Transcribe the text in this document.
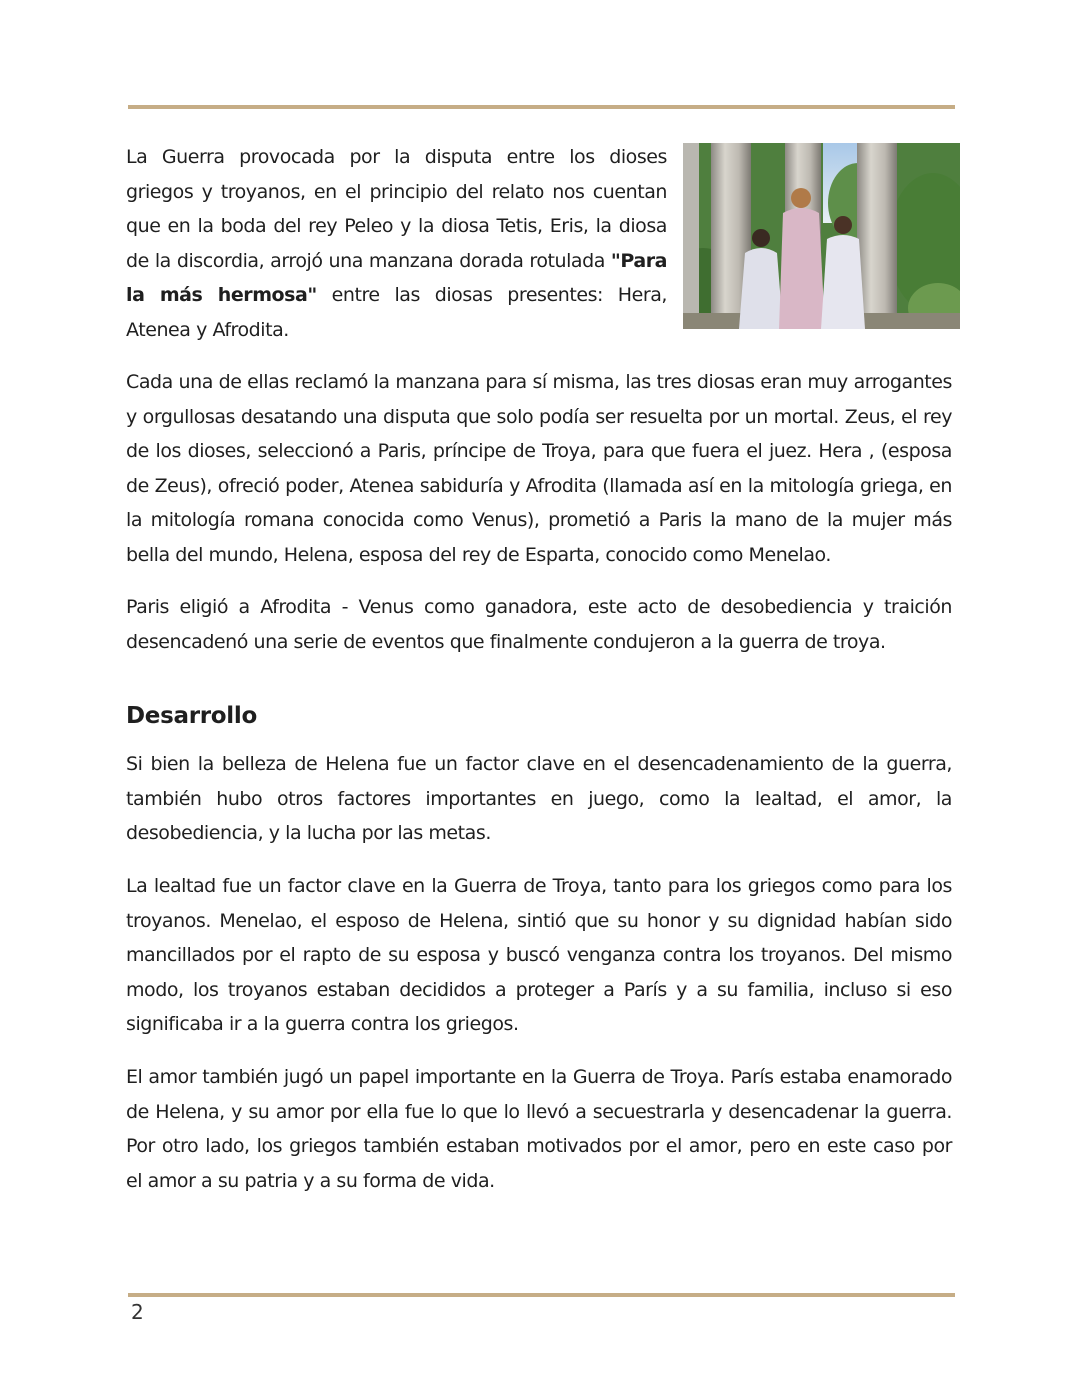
La Guerra provocada por la disputa entre los dioses griegos y troyanos, en el principio del relato nos cuentan que en la boda del rey Peleo y la diosa Tetis, Eris, la diosa de la discordia, arrojó una manzana dorada rotulada "Para la más hermosa" entre las diosas presentes: Hera, Atenea y Afrodita.

Cada una de ellas reclamó la manzana para sí misma, las tres diosas eran muy arrogantes y orgullosas desatando una disputa que solo podía ser resuelta por un mortal. Zeus, el rey de los dioses, seleccionó a Paris, príncipe de Troya, para que fuera el juez. Hera , (esposa de Zeus), ofreció poder, Atenea sabiduría y Afrodita (llamada así en la mitología griega, en la mitología romana conocida como Venus), prometió a Paris la mano de la mujer más bella del mundo, Helena, esposa del rey de Esparta, conocido como Menelao.

Paris eligió a Afrodita - Venus como ganadora, este acto de desobediencia y traición desencadenó una serie de eventos que finalmente condujeron a la guerra de troya.

Desarrollo

Si bien la belleza de Helena fue un factor clave en el desencadenamiento de la guerra, también hubo otros factores importantes en juego, como la lealtad, el amor, la desobediencia, y la lucha por las metas.

La lealtad fue un factor clave en la Guerra de Troya, tanto para los griegos como para los troyanos. Menelao, el esposo de Helena, sintió que su honor y su dignidad habían sido mancillados por el rapto de su esposa y buscó venganza contra los troyanos. Del mismo modo, los troyanos estaban decididos a proteger a París y a su familia, incluso si eso significaba ir a la guerra contra los griegos.

El amor también jugó un papel importante en la Guerra de Troya. París estaba enamorado de Helena, y su amor por ella fue lo que lo llevó a secuestrarla y desencadenar la guerra. Por otro lado, los griegos también estaban motivados por el amor, pero en este caso por el amor a su patria y a su forma de vida.

2
